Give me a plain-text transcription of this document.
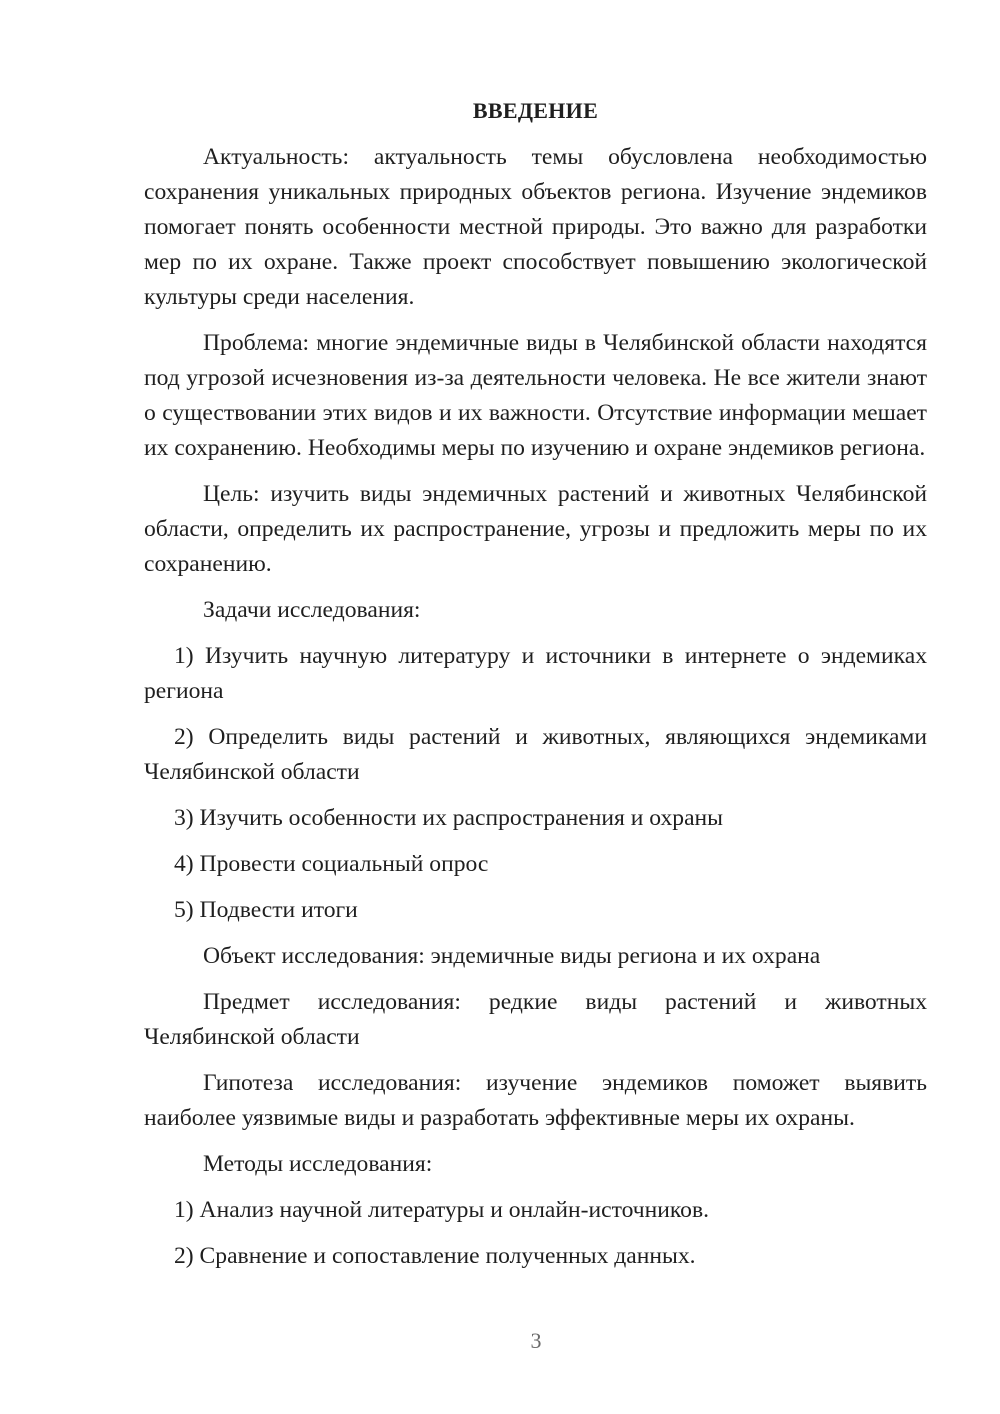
ВВЕДЕНИЕ

Актуальность: актуальность темы обусловлена необходимостью сохранения уникальных природных объектов региона. Изучение эндемиков помогает понять особенности местной природы. Это важно для разработки мер по их охране. Также проект способствует повышению экологической культуры среди населения.

Проблема: многие эндемичные виды в Челябинской области находятся под угрозой исчезновения из-за деятельности человека. Не все жители знают о существовании этих видов и их важности. Отсутствие информации мешает их сохранению. Необходимы меры по изучению и охране эндемиков региона.

Цель: изучить виды эндемичных растений и животных Челябинской области, определить их распространение, угрозы и предложить меры по их сохранению.

Задачи исследования:

1) Изучить научную литературу и источники в интернете о эндемиках региона

2) Определить виды растений и животных, являющихся эндемиками Челябинской области

3) Изучить особенности их распространения и охраны

4) Провести социальный опрос

5) Подвести итоги

Объект исследования: эндемичные виды региона и их охрана

Предмет исследования: редкие виды растений и животных Челябинской области

Гипотеза исследования: изучение эндемиков поможет выявить наиболее уязвимые виды и разработать эффективные меры их охраны.

Методы исследования:

1) Анализ научной литературы и онлайн-источников.

2) Сравнение и сопоставление полученных данных.

3
